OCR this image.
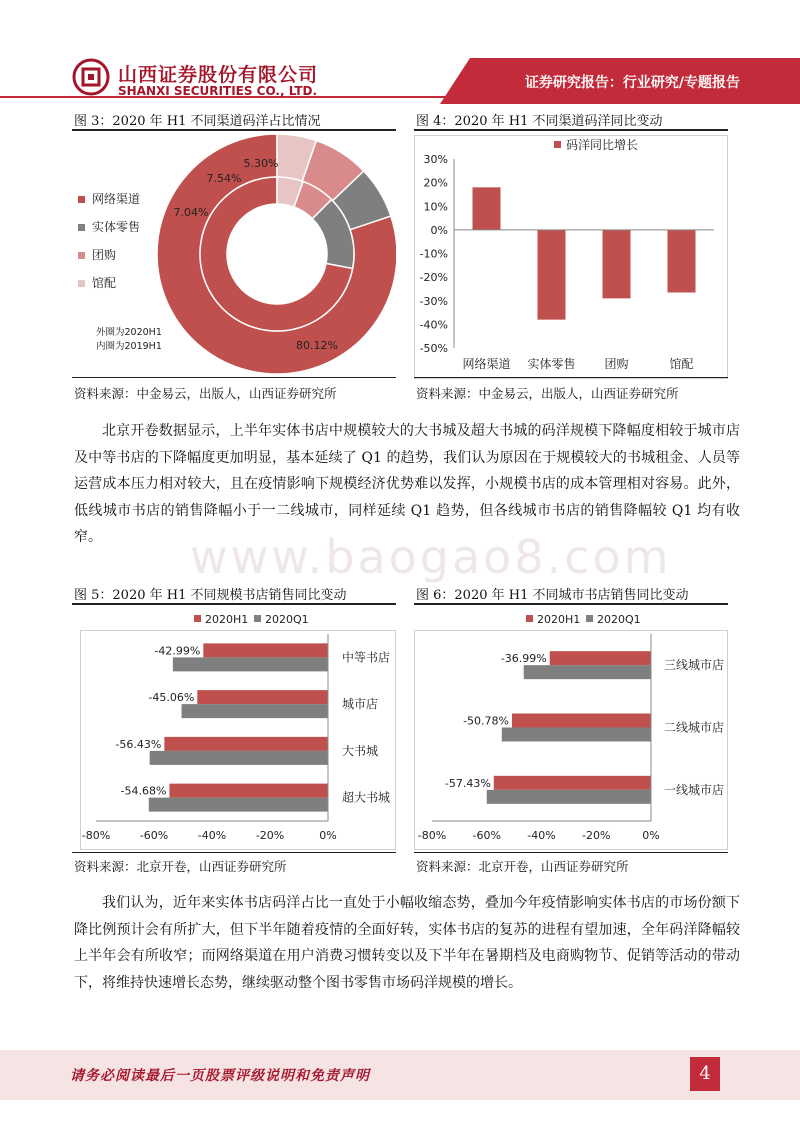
山西证券股份有限公司
SHANXI SECURITIES CO., LTD.	证券研究报告：行业研究/专题报告
图 3：2020 年 H1 不同渠道码洋占比情况
80.12%
7.04%
7.54%
5.30%
网络渠道
实体零售
团购
馆配
外圈为2020H1
内圈为2019H1
资料来源：中金易云，出版人，山西证券研究所
图 4：2020 年 H1 不同渠道码洋同比变动
30%
20%
10%
0%
-10%
-20%
-30%
-40%
-50%
网络渠道 实体零售 团购	馆配
码洋同比增长
资料来源：中金易云，出版人，山西证券研究所

北京开卷数据显示，上半年实体书店中规模较大的大书城及超大书城的码洋规模下降幅度相较于城市店及中等书店的下降幅度更加明显，基本延续了 Q1 的趋势，我们认为原因在于规模较大的书城租金、人员等运营成本压力相对较大，且在疫情影响下规模经济优势难以发挥，小规模书店的成本管理相对容易。此外，低线城市书店的销售降幅小于一二线城市，同样延续 Q1 趋势，但各线城市书店的销售降幅较 Q1 均有收窄。	www.baogao8.com
图 5：2020 年 H1 不同规模书店销售同比变动
2020H1 2020Q1
-42.99%	中等书店
-45.06%	城市店
-56.43%	大书城
-54.68%	超大书城
-80%	-60%	-40%	-20%	0%
资料来源：北京开卷，山西证券研究所
图 6：2020 年 H1 不同城市书店销售同比变动
2020H1 2020Q1
-36.99%	三线城市店
-50.78%	二线城市店
-57.43%	一线城市店
-80% -60% -40% -20%	0%
资料来源：北京开卷，山西证券研究所

我们认为，近年来实体书店码洋占比一直处于小幅收缩态势，叠加今年疫情影响实体书店的市场份额下降比例预计会有所扩大，但下半年随着疫情的全面好转，实体书店的复苏的进程有望加速，全年码洋降幅较上半年会有所收窄；而网络渠道在用户消费习惯转变以及下半年在暑期档及电商购物节、促销等活动的带动下，将维持快速增长态势，继续驱动整个图书零售市场码洋规模的增长。

请务必阅读最后一页股票评级说明和免责声明	4
